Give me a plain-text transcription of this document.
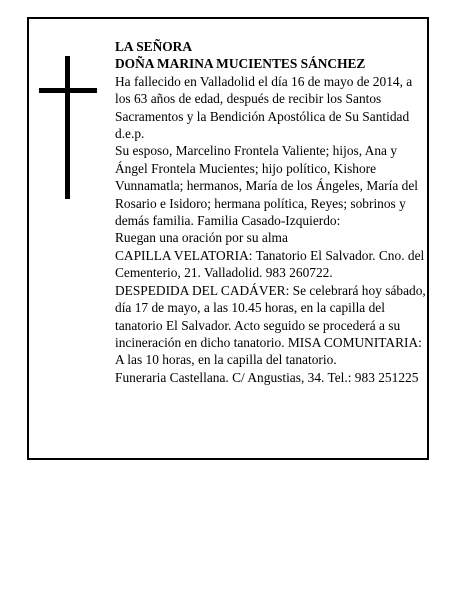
LA SEÑORA

DOÑA MARINA MUCIENTES SÁNCHEZ

Ha fallecido en Valladolid el día 16 de mayo de 2014, a los 63 años de edad, después de recibir los Santos Sacramentos y la Bendición Apostólica de Su Santidad d.e.p.

Su esposo, Marcelino Frontela Valiente; hijos, Ana y Ángel Frontela Mucientes; hijo político, Kishore Vunnamatla; hermanos, María de los Ángeles, María del Rosario e Isidoro; hermana política, Reyes; sobrinos y demás familia. Familia Casado-Izquierdo:

Ruegan una oración por su alma

CAPILLA VELATORIA: Tanatorio El Salvador. Cno. del Cementerio, 21. Valladolid. 983 260722.

DESPEDIDA DEL CADÁVER: Se celebrará hoy sábado, día 17 de mayo, a las 10.45 horas, en la capilla del tanatorio El Salvador. Acto seguido se procederá a su incineración en dicho tanatorio. MISA COMUNITARIA: A las 10 horas, en la capilla del tanatorio.

Funeraria Castellana. C/ Angustias, 34. Tel.: 983 251225
